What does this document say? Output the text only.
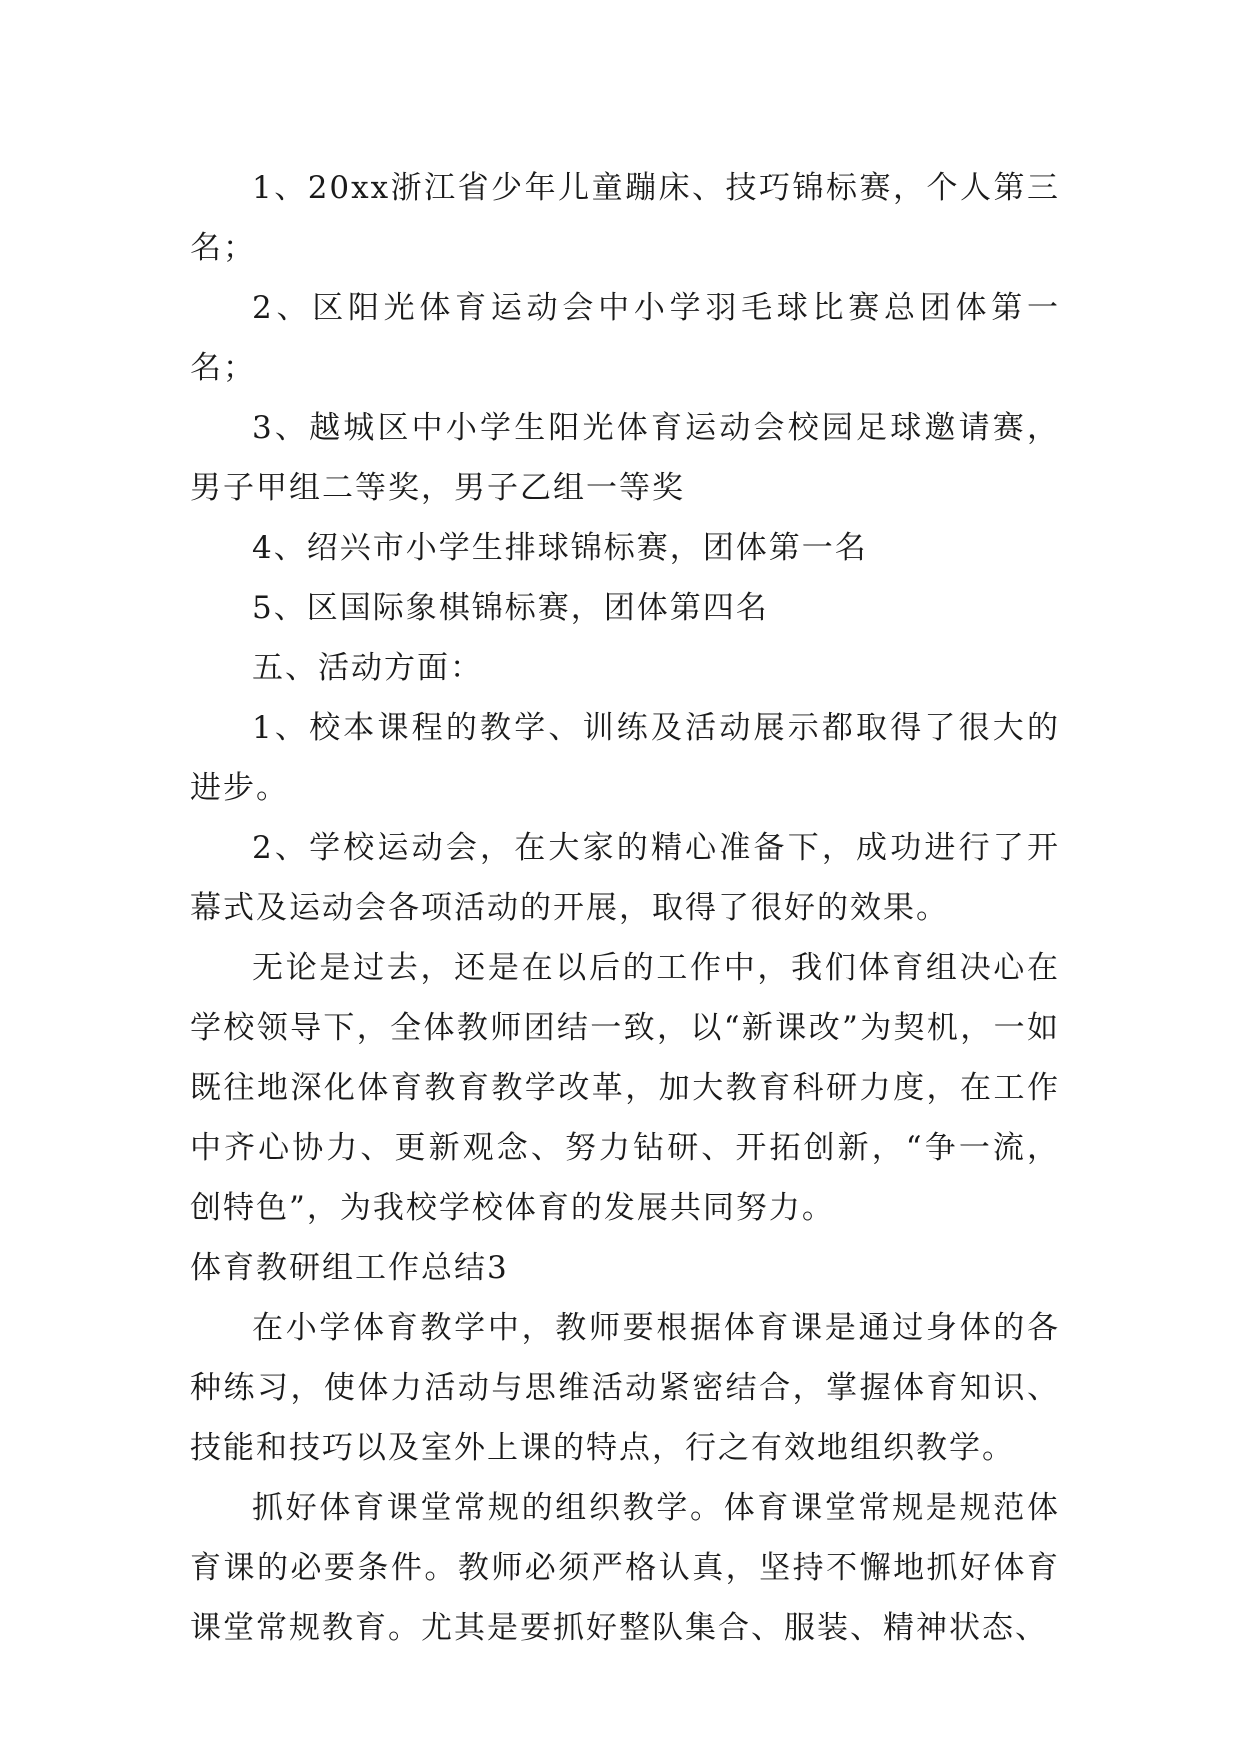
1、20xx浙江省少年儿童蹦床、技巧锦标赛，个人第三名；

2、区阳光体育运动会中小学羽毛球比赛总团体第一名；

3、越城区中小学生阳光体育运动会校园足球邀请赛，男子甲组二等奖，男子乙组一等奖

4、绍兴市小学生排球锦标赛，团体第一名

5、区国际象棋锦标赛，团体第四名

五、活动方面：

1、校本课程的教学、训练及活动展示都取得了很大的进步。

2、学校运动会，在大家的精心准备下，成功进行了开幕式及运动会各项活动的开展，取得了很好的效果。

无论是过去，还是在以后的工作中，我们体育组决心在学校领导下，全体教师团结一致，以“新课改”为契机，一如既往地深化体育教育教学改革，加大教育科研力度，在工作中齐心协力、更新观念、努力钻研、开拓创新，“争一流，创特色”，为我校学校体育的发展共同努力。

体育教研组工作总结3

在小学体育教学中，教师要根据体育课是通过身体的各种练习，使体力活动与思维活动紧密结合，掌握体育知识、技能和技巧以及室外上课的特点，行之有效地组织教学。

抓好体育课堂常规的组织教学。体育课堂常规是规范体育课的必要条件。教师必须严格认真，坚持不懈地抓好体育课堂常规教育。尤其是要抓好整队集合、服装、精神状态、
